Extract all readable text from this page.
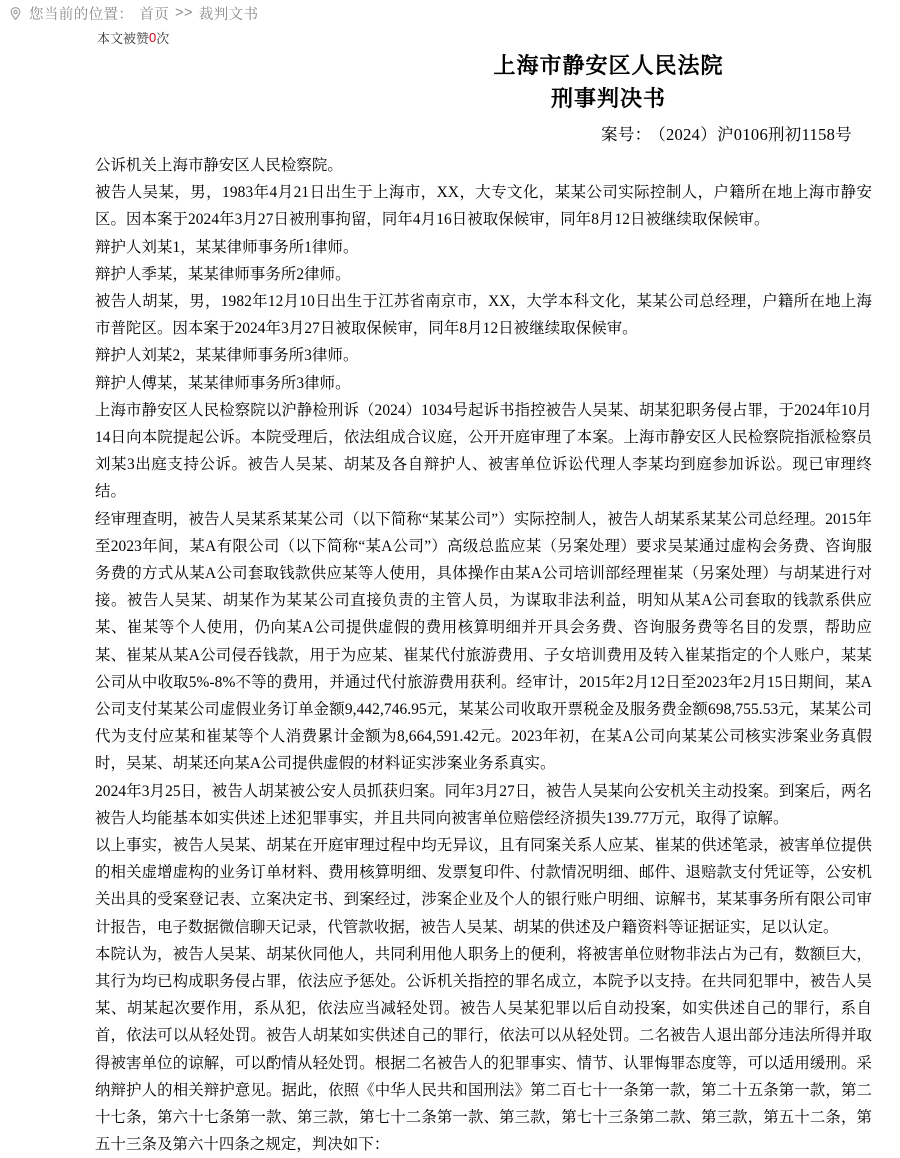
您当前的位置： 首页 >> 裁判文书
本文被赞 0 次
上海市静安区人民法院
刑事判决书
案号： （2024）沪0106刑初1158号

公诉机关上海市静安区人民检察院。

被告人吴某，男，1983年4月21日出生于上海市，XX，大专文化，某某公司实际控制人，户籍所在地上海市静安区。因本案于2024年3月27日被刑事拘留，同年4月16日被取保候审，同年8月12日被继续取保候审。

辩护人刘某1，某某律师事务所1律师。

辩护人季某，某某律师事务所2律师。

被告人胡某，男，1982年12月10日出生于江苏省南京市，XX，大学本科文化，某某公司总经理，户籍所在地上海市普陀区。因本案于2024年3月27日被取保候审，同年8月12日被继续取保候审。

辩护人刘某2，某某律师事务所3律师。

辩护人傅某，某某律师事务所3律师。

上海市静安区人民检察院以沪静检刑诉（2024）1034号起诉书指控被告人吴某、胡某犯职务侵占罪，于2024年10月14日向本院提起公诉。本院受理后，依法组成合议庭，公开开庭审理了本案。上海市静安区人民检察院指派检察员刘某3出庭支持公诉。被告人吴某、胡某及各自辩护人、被害单位诉讼代理人李某均到庭参加诉讼。现已审理终结。

经审理查明，被告人吴某系某某公司（以下简称“某某公司”）实际控制人，被告人胡某系某某公司总经理。2015年至2023年间，某A有限公司（以下简称“某A公司”）高级总监应某（另案处理）要求吴某通过虚构会务费、咨询服务费的方式从某A公司套取钱款供应某等人使用，具体操作由某A公司培训部经理崔某（另案处理）与胡某进行对接。被告人吴某、胡某作为某某公司直接负责的主管人员，为谋取非法利益，明知从某A公司套取的钱款系供应某、崔某等个人使用，仍向某A公司提供虚假的费用核算明细并开具会务费、咨询服务费等名目的发票，帮助应某、崔某从某A公司侵吞钱款，用于为应某、崔某代付旅游费用、子女培训费用及转入崔某指定的个人账户，某某公司从中收取5%-8%不等的费用，并通过代付旅游费用获利。经审计，2015年2月12日至2023年2月15日期间，某A公司支付某某公司虚假业务订单金额9,442,746.95元，某某公司收取开票税金及服务费金额698,755.53元，某某公司代为支付应某和崔某等个人消费累计金额为8,664,591.42元。2023年初，在某A公司向某某公司核实涉案业务真假时，吴某、胡某还向某A公司提供虚假的材料证实涉案业务系真实。

2024年3月25日，被告人胡某被公安人员抓获归案。同年3月27日，被告人吴某向公安机关主动投案。到案后，两名被告人均能基本如实供述上述犯罪事实，并且共同向被害单位赔偿经济损失139.77万元，取得了谅解。

以上事实，被告人吴某、胡某在开庭审理过程中均无异议，且有同案关系人应某、崔某的供述笔录，被害单位提供的相关虚增虚构的业务订单材料、费用核算明细、发票复印件、付款情况明细、邮件、退赔款支付凭证等，公安机关出具的受案登记表、立案决定书、到案经过，涉案企业及个人的银行账户明细、谅解书，某某事务所有限公司审计报告，电子数据微信聊天记录，代管款收据，被告人吴某、胡某的供述及户籍资料等证据证实，足以认定。

本院认为，被告人吴某、胡某伙同他人，共同利用他人职务上的便利，将被害单位财物非法占为己有，数额巨大，其行为均已构成职务侵占罪，依法应予惩处。公诉机关指控的罪名成立，本院予以支持。在共同犯罪中，被告人吴某、胡某起次要作用，系从犯，依法应当减轻处罚。被告人吴某犯罪以后自动投案，如实供述自己的罪行，系自首，依法可以从轻处罚。被告人胡某如实供述自己的罪行，依法可以从轻处罚。二名被告人退出部分违法所得并取得被害单位的谅解，可以酌情从轻处罚。根据二名被告人的犯罪事实、情节、认罪悔罪态度等，可以适用缓刑。采纳辩护人的相关辩护意见。据此，依照《中华人民共和国刑法》第二百七十一条第一款，第二十五条第一款，第二十七条，第六十七条第一款、第三款，第七十二条第一款、第三款，第七十三条第二款、第三款，第五十二条，第五十三条及第六十四条之规定，判决如下：
